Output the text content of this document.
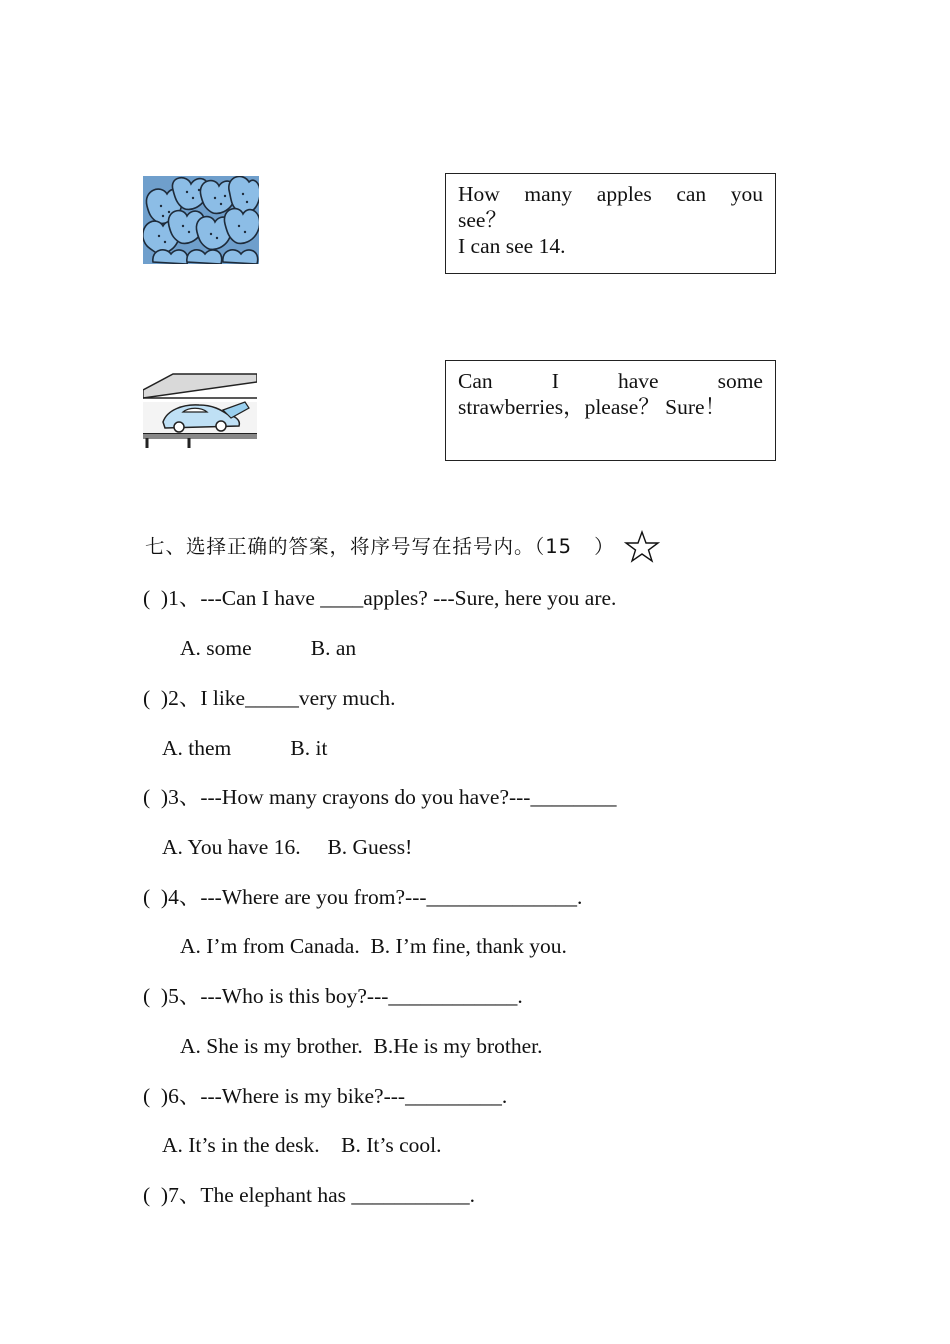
How many apples can you
see？
I can see 14.
Can	I	have	some
strawberries，please？ Sure！
七、选择正确的答案，将序号写在括号内。（15 ）
(  )1、---Can I have ____apples? ---Sure, here you are.
A. some           B. an
(  )2、I like_____very much.
A. them           B. it
(  )3、---How many crayons do you have?---________
A. You have 16.     B. Guess!
(  )4、---Where are you from?---______________.
A. I’m from Canada.  B. I’m fine, thank you.
(  )5、---Who is this boy?---____________.
A. She is my brother.  B.He is my brother.
(  )6、---Where is my bike?---_________.
A. It’s in the desk.    B. It’s cool.
(  )7、The elephant has ___________.
